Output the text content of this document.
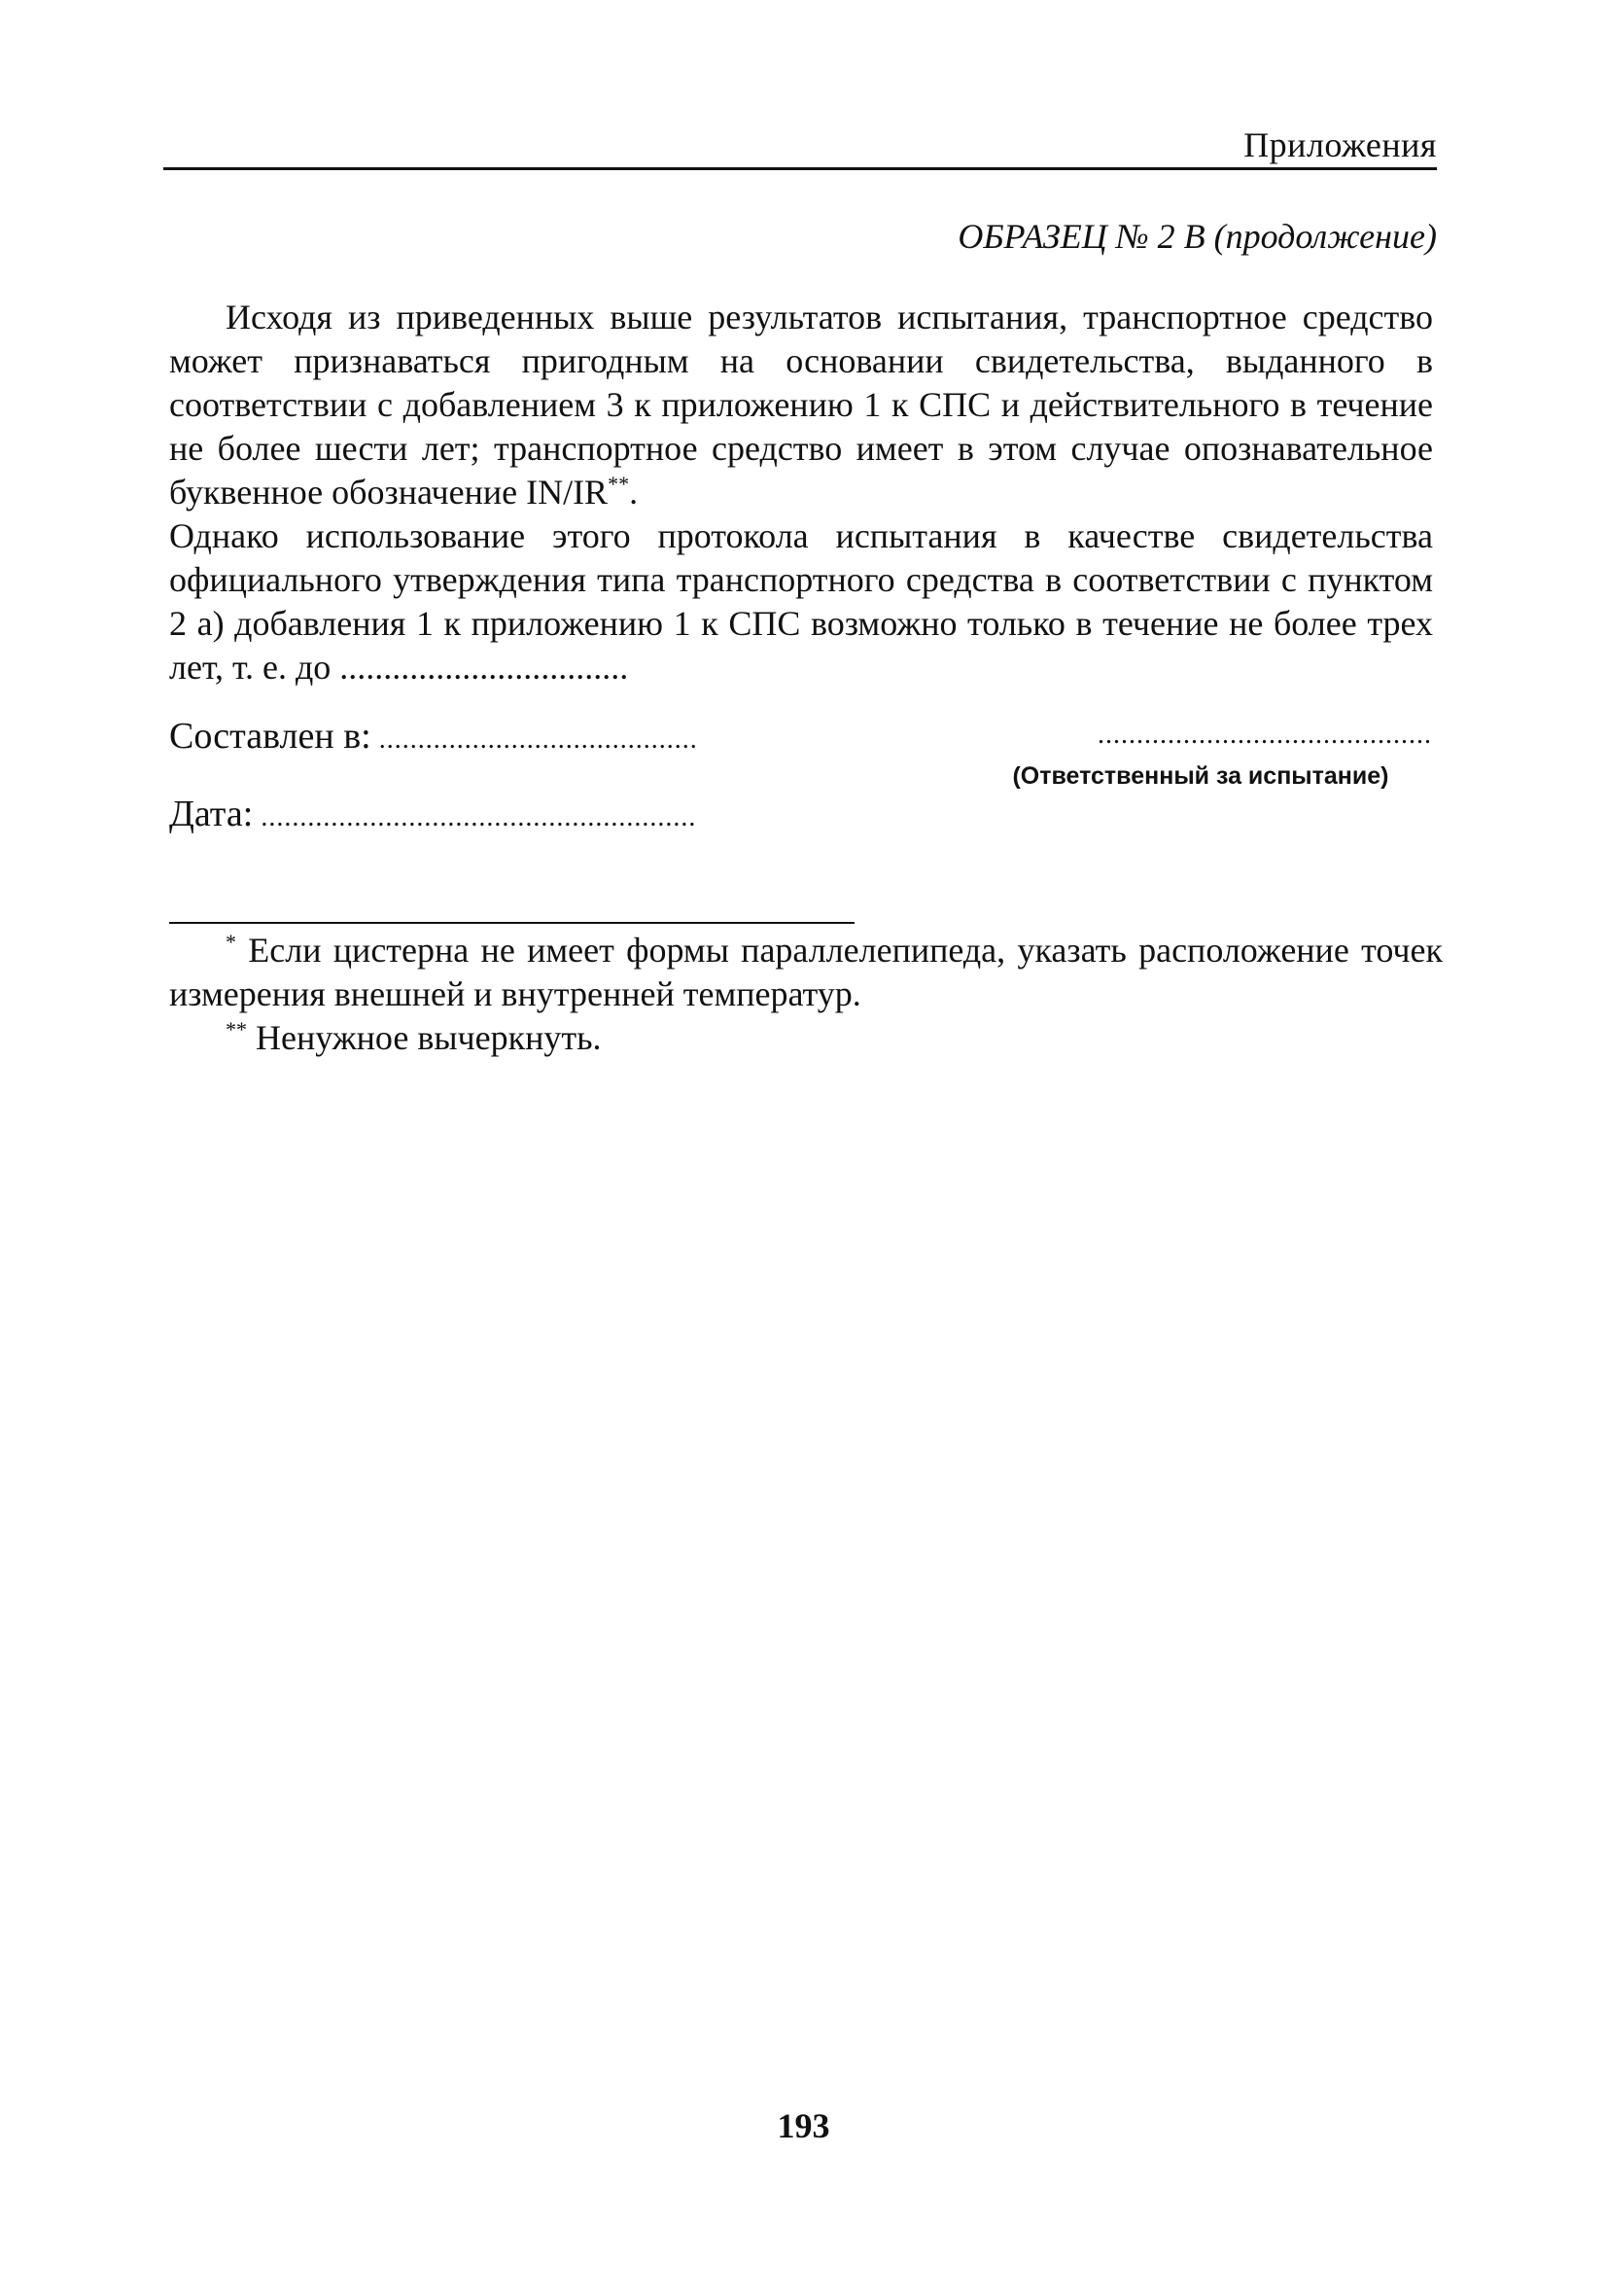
Приложения
ОБРАЗЕЦ № 2 В (продолжение)

Исходя из приведенных выше результатов испытания, транспортное средство может признаваться пригодным на основании свидетельства, выданного в соответствии с добавлением 3 к приложению 1 к СПС и действительного в течение не более шести лет; транспортное средство имеет в этом случае опознавательное буквенное обозначение IN/IR**.

Однако использование этого протокола испытания в качестве свидетельства официального утверждения типа транспортного средства в соответствии с пунктом 2 а) добавления 1 к приложению 1 к СПС возможно только в течение не более трех лет, т. е. до .................................

Составлен в: .........................................	...........................................
(Ответственный за испытание)
Дата: ........................................................

* Если цистерна не имеет формы параллелепипеда, указать расположение точек измерения внешней и внутренней температур.

** Ненужное вычеркнуть.

193
